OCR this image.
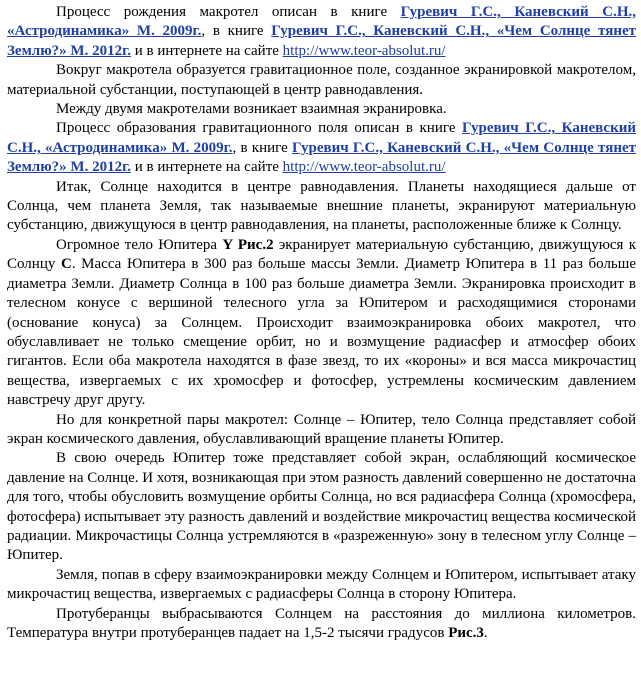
Процесс рождения макротел описан в книге Гуревич Г.С., Каневский С.Н., «Астродинамика» М. 2009г., в книге Гуревич Г.С., Каневский С.Н., «Чем Солнце тянет Землю?» М. 2012г. и в интернете на сайте http://www.teor-absolut.ru/

Вокруг макротела образуется гравитационное поле, созданное экранировкой макротелом, материальной субстанции, поступающей в центр равнодавления.

Между двумя макротелами возникает взаимная экранировка.

Процесс образования гравитационного поля описан в книге Гуревич Г.С., Каневский С.Н., «Астродинамика» М. 2009г., в книге Гуревич Г.С., Каневский С.Н., «Чем Солнце тянет Землю?» М. 2012г. и в интернете на сайте http://www.teor-absolut.ru/

Итак, Солнце находится в центре равнодавления. Планеты находящиеся дальше от Солнца, чем планета Земля, так называемые внешние планеты, экранируют материальную субстанцию, движущуюся в центр равнодавления, на планеты, расположенные ближе к Солнцу.

Огромное тело Юпитера Y Рис.2 экранирует материальную субстанцию, движущуюся к Солнцу С. Масса Юпитера в 300 раз больше массы Земли. Диаметр Юпитера в 11 раз больше диаметра Земли. Диаметр Солнца в 100 раз больше диаметра Земли. Экранировка происходит в телесном конусе с вершиной телесного угла за Юпитером и расходящимися сторонами (основание конуса) за Солнцем. Происходит взаимоэкранировка обоих макротел, что обуславливает не только смещение орбит, но и возмущение радиасфер и атмосфер обоих гигантов. Если оба макротела находятся в фазе звезд, то их «короны» и вся масса микрочастиц вещества, извергаемых с их хромосфер и фотосфер, устремлены космическим давлением навстречу друг другу.

Но для конкретной пары макротел: Солнце – Юпитер, тело Солнца представляет собой экран космического давления, обуславливающий вращение планеты Юпитер.

В свою очередь Юпитер тоже представляет собой экран, ослабляющий космическое давление на Солнце. И хотя, возникающая при этом разность давлений совершенно не достаточна для того, чтобы обусловить возмущение орбиты Солнца, но вся радиасфера Солнца (хромосфера, фотосфера) испытывает эту разность давлений и воздействие микрочастиц вещества космической радиации. Микрочастицы Солнца устремляются в «разреженную» зону в телесном углу Солнце – Юпитер.

Земля, попав в сферу взаимоэкранировки между Солнцем и Юпитером, испытывает атаку микрочастиц вещества, извергаемых с радиасферы Солнца в сторону Юпитера.

Протуберанцы выбрасываются Солнцем на расстояния до миллиона километров. Температура внутри протуберанцев падает на 1,5-2 тысячи градусов Рис.3.
